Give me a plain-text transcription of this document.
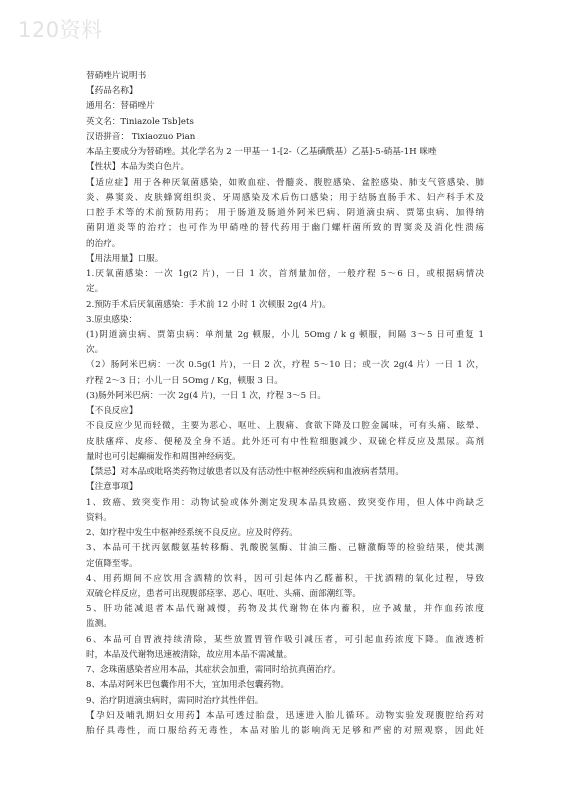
120资料
替硝唑片说明书
【药品名称】
通用名：替硝唑片
英文名：Tiniazole Tsb]ets
汉语拼音： Tixiaozuo Pian
本品主要成分为替硝唑。其化学名为 2 一甲基一 1-[2-（乙基磺酰基）乙基]-5-硝基-1H 咪唑
【性状】本品为类白色片。
【适应症】用于各种厌氧菌感染，如败血症、骨髓炎、腹腔感染、盆腔感染、肺支气管感染、肺
炎、鼻窦炎、皮肤蜂窝组织炎、牙周感染及术后伤口感染；用于结肠直肠手术、妇产科手术及
口腔手术等的术前预防用药； 用于肠道及肠道外阿米巴病、阴道滴虫病、贾第虫病、加得纳
菌阴道炎等的治疗；也可作为甲硝唑的替代药用于幽门螺杆菌所致的胃窦炎及消化性溃疡
的治疗。
【用法用量】口服。
1.厌氧菌感染：一次 1g(2 片)，一日 1 次，首剂量加倍，一般疗程 5～6 日，或根据病情决
定。
2.预防手术后厌氧菌感染：手术前 12 小时 1 次顿服 2g(4 片)。
3.原虫感染：
(1)阴道滴虫病、贾第虫病：单剂量 2g 顿服，小儿 5Omg / k g 顿服，间隔 3～5 日可重复 1
次。
（2）肠阿米巴病：一次 0.5g(1 片)，一日 2 次，疗程 5～10 日；或一次 2g(4 片）一日 1 次，
疗程 2～3 日；小儿一日 5Omg / Kg，顿服 3 日。
(3)肠外阿米巴病：一次 2g(4 片)，一日 1 次，疗程 3～5 日。
【不良反应】
不良反应少见而轻微，主要为恶心、呕吐、上腹痛、食欲下降及口腔金属味，可有头痛、眩晕、
皮肤瘙痒、皮疹、便秘及全身不适。此外还可有中性粒细胞减少、双硫仑样反应及黑尿。高剂
量时也可引起癫痫发作和周围神经病变。
【禁忌】对本品或吡咯类药物过敏患者以及有活动性中枢神经疾病和血液病者禁用。
【注意事项】
1、致癌、致突变作用：动物试验或体外测定发现本品具致癌、致突变作用，但人体中尚缺乏
资料。
2、如疗程中发生中枢神经系统不良反应。应及时停药。
3、本品可干扰丙氨酸氨基转移酶、乳酸脱氢酶、甘油三酯、己糖激酶等的检验结果，使其测
定值降至零。
4、用药期间不应饮用含酒精的饮料，因可引起体内乙醛蓄积，干扰酒精的氧化过程，导致
双硫仑样反应，患者可出现腹部痉挛、恶心、呕吐、头痛、面部潮红等。
5、肝功能减退者本品代谢减慢，药物及其代谢物在体内蓄积，应予减量，并作血药浓度
监测。
6、本品可自胃液持续清除，某些放置胃管作吸引减压者，可引起血药浓度下降。血液透析
时，本品及代谢物迅速被清除，故应用本品不需减量。
7、念珠菌感染者应用本品，其症状会加重，需同时给抗真菌治疗。
8、本品对阿米巴包囊作用不大，宜加用杀包囊药物。
9、治疗阴道滴虫病时，需同时治疗其性伴侣。
【孕妇及哺乳期妇女用药】本品可透过胎盘，迅速进入胎儿循环。动物实验发现腹腔给药对
胎仔具毒性，而口服给药无毒性，本品对胎儿的影响尚无足够和严密的对照观察，因此妊
